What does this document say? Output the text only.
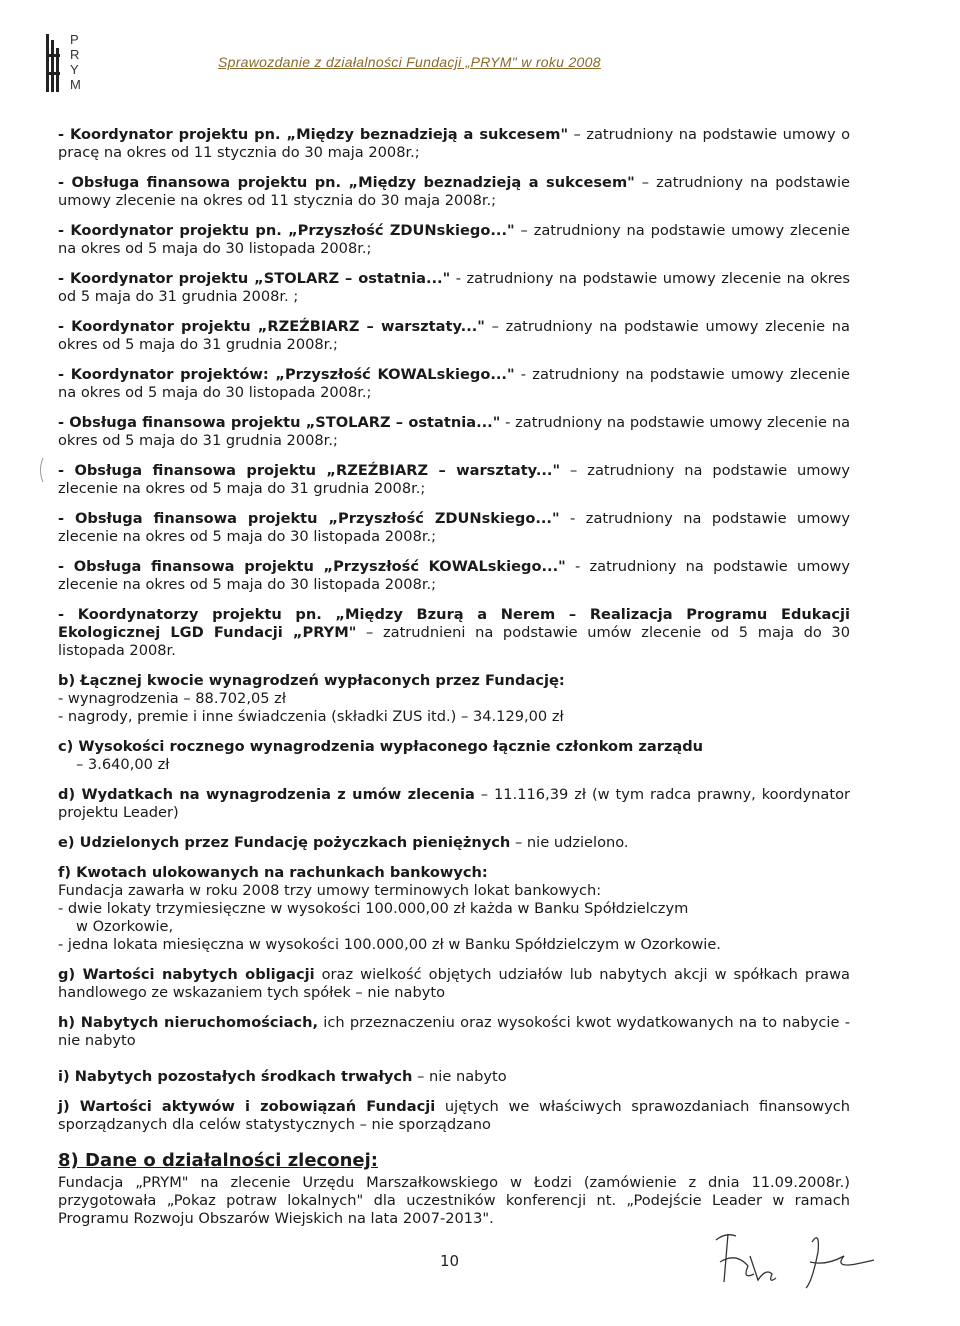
P
R
Y
M
Sprawozdanie z działalności Fundacji „PRYM" w roku 2008

- Koordynator projektu pn. „Między beznadzieją a sukcesem" – zatrudniony na podstawie umowy o pracę na okres od 11 stycznia do 30 maja 2008r.;

- Obsługa finansowa projektu pn. „Między beznadzieją a sukcesem" – zatrudniony na podstawie umowy zlecenie na okres od 11 stycznia do 30 maja 2008r.;

- Koordynator projektu pn. „Przyszłość ZDUNskiego..." – zatrudniony na podstawie umowy zlecenie na okres od 5 maja do 30 listopada 2008r.;

- Koordynator projektu „STOLARZ – ostatnia..." - zatrudniony na podstawie umowy zlecenie na okres od 5 maja do 31 grudnia 2008r. ;

- Koordynator projektu „RZEŹBIARZ – warsztaty..." – zatrudniony na podstawie umowy zlecenie na okres od 5 maja do 31 grudnia 2008r.;

- Koordynator projektów: „Przyszłość KOWALskiego..." - zatrudniony na podstawie umowy zlecenie na okres od 5 maja do 30 listopada 2008r.;

- Obsługa finansowa projektu „STOLARZ – ostatnia..." - zatrudniony na podstawie umowy zlecenie na okres od 5 maja do 31 grudnia 2008r.;

- Obsługa finansowa projektu „RZEŹBIARZ – warsztaty..." – zatrudniony na podstawie umowy zlecenie na okres od 5 maja do 31 grudnia 2008r.;

- Obsługa finansowa projektu „Przyszłość ZDUNskiego..." - zatrudniony na podstawie umowy zlecenie na okres od 5 maja do 30 listopada 2008r.;

- Obsługa finansowa projektu „Przyszłość KOWALskiego..." - zatrudniony na podstawie umowy zlecenie na okres od 5 maja do 30 listopada 2008r.;

- Koordynatorzy projektu pn. „Między Bzurą a Nerem – Realizacja Programu Edukacji Ekologicznej LGD Fundacji „PRYM" – zatrudnieni na podstawie umów zlecenie od 5 maja do 30 listopada 2008r.

b) Łącznej kwocie wynagrodzeń wypłaconych przez Fundację:
- wynagrodzenia – 88.702,05 zł
- nagrody, premie i inne świadczenia (składki ZUS itd.) – 34.129,00 zł
c) Wysokości rocznego wynagrodzenia wypłaconego łącznie członkom zarządu
– 3.640,00 zł

d) Wydatkach na wynagrodzenia z umów zlecenia – 11.116,39 zł (w tym radca prawny, koordynator projektu Leader)

e) Udzielonych przez Fundację pożyczkach pieniężnych – nie udzielono.

f) Kwotach ulokowanych na rachunkach bankowych:
Fundacja zawarła w roku 2008 trzy umowy terminowych lokat bankowych:
- dwie lokaty trzymiesięczne w wysokości 100.000,00 zł każda w Banku Spółdzielczym
w Ozorkowie,
- jedna lokata miesięczna w wysokości 100.000,00 zł w Banku Spółdzielczym w Ozorkowie.

g) Wartości nabytych obligacji oraz wielkość objętych udziałów lub nabytych akcji w spółkach prawa handlowego ze wskazaniem tych spółek – nie nabyto

h) Nabytych nieruchomościach, ich przeznaczeniu oraz wysokości kwot wydatkowanych na to nabycie - nie nabyto

i) Nabytych pozostałych środkach trwałych – nie nabyto

j) Wartości aktywów i zobowiązań Fundacji ujętych we właściwych sprawozdaniach finansowych sporządzanych dla celów statystycznych – nie sporządzano

8) Dane o działalności zleconej:

Fundacja „PRYM" na zlecenie Urzędu Marszałkowskiego w Łodzi (zamówienie z dnia 11.09.2008r.) przygotowała „Pokaz potraw lokalnych" dla uczestników konferencji nt. „Podejście Leader w ramach Programu Rozwoju Obszarów Wiejskich na lata 2007-2013".

10
